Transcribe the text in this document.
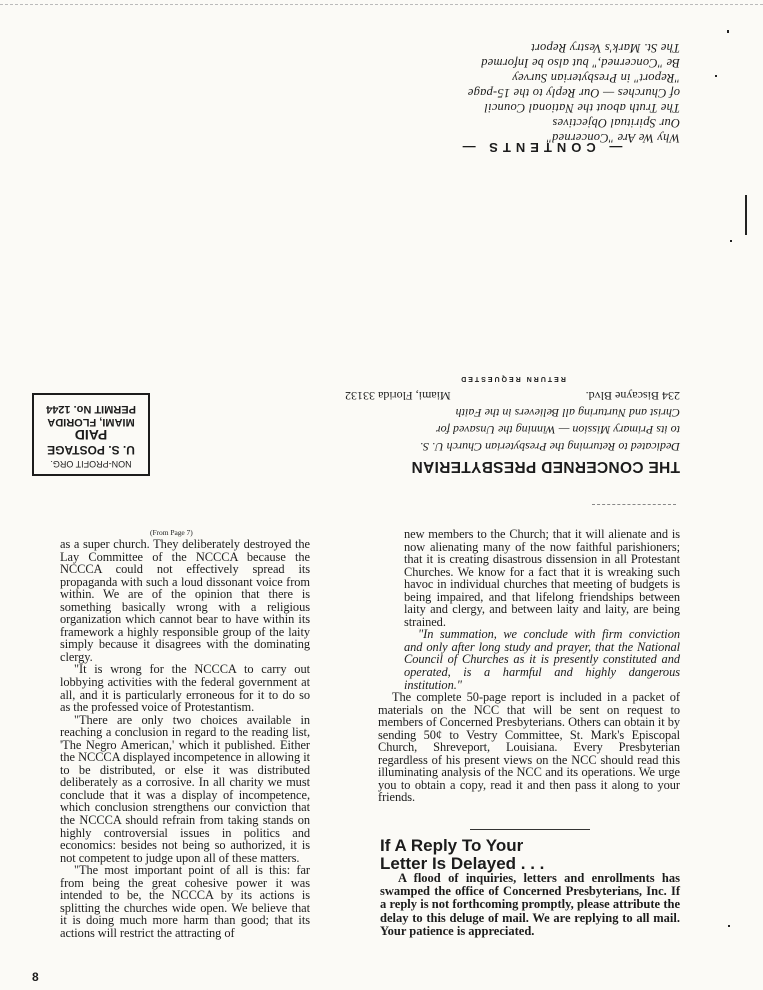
— CONTENTS —
Why We Are "Concerned"
Our Spiritual Objectives
The Truth about the National Council
of Churches — Our Reply to the 15-page
"Report" in Presbyterian Survey
Be "Concerned," but also be Informed
The St. Mark's Vestry Report
THE CONCERNED PRESBYTERIAN
Dedicated to Returning the Presbyterian Church U. S.
to its Primary Mission — Winning the Unsaved for
Christ and Nurturing all Believers in the Faith
234 Biscayne Blvd.
Miami, Florida 33132
RETURN REQUESTED
NON-PROFIT ORG.
U. S. POSTAGE
PAID
MIAMI, FLORIDA
PERMIT No. 1244
(From Page 7)

as a super church. They deliberately destroyed the Lay Committee of the NCCCA because the NCCCA could not effectively spread its propaganda with such a loud dissonant voice from within. We are of the opinion that there is something basically wrong with a religious organization which cannot bear to have within its framework a highly responsible group of the laity simply because it disagrees with the dominating clergy.

"It is wrong for the NCCCA to carry out lobbying activities with the federal government at all, and it is particularly erroneous for it to do so as the professed voice of Protestantism.

"There are only two choices available in reaching a conclusion in regard to the reading list, 'The Negro American,' which it published. Either the NCCCA displayed incompetence in allowing it to be distributed, or else it was distributed deliberately as a corrosive. In all charity we must conclude that it was a display of incompetence, which conclusion strengthens our conviction that the NCCCA should refrain from taking stands on highly controversial issues in politics and economics: besides not being so authorized, it is not competent to judge upon all of these matters.

"The most important point of all is this: far from being the great cohesive power it was intended to be, the NCCCA by its actions is splitting the churches wide open. We believe that it is doing much more harm than good; that its actions will restrict the attracting of

new members to the Church; that it will alienate and is now alienating many of the now faithful parishioners; that it is creating disastrous dissension in all Protestant Churches. We know for a fact that it is wreaking such havoc in individual churches that meeting of budgets is being impaired, and that lifelong friendships between laity and clergy, and between laity and laity, are being strained.

"In summation, we conclude with firm conviction and only after long study and prayer, that the National Council of Churches as it is presently constituted and operated, is a harmful and highly dangerous institution."

The complete 50-page report is included in a packet of materials on the NCC that will be sent on request to members of Concerned Presbyterians. Others can obtain it by sending 50¢ to Vestry Committee, St. Mark's Episcopal Church, Shreveport, Louisiana. Every Presbyterian regardless of his present views on the NCC should read this illuminating analysis of the NCC and its operations. We urge you to obtain a copy, read it and then pass it along to your friends.

If A Reply To Your
Letter Is Delayed . . .
A flood of inquiries, letters and enrollments has swamped the office of Concerned Presbyterians, Inc. If a reply is not forthcoming promptly, please attribute the delay to this deluge of mail. We are replying to all mail. Your patience is appreciated.
8
